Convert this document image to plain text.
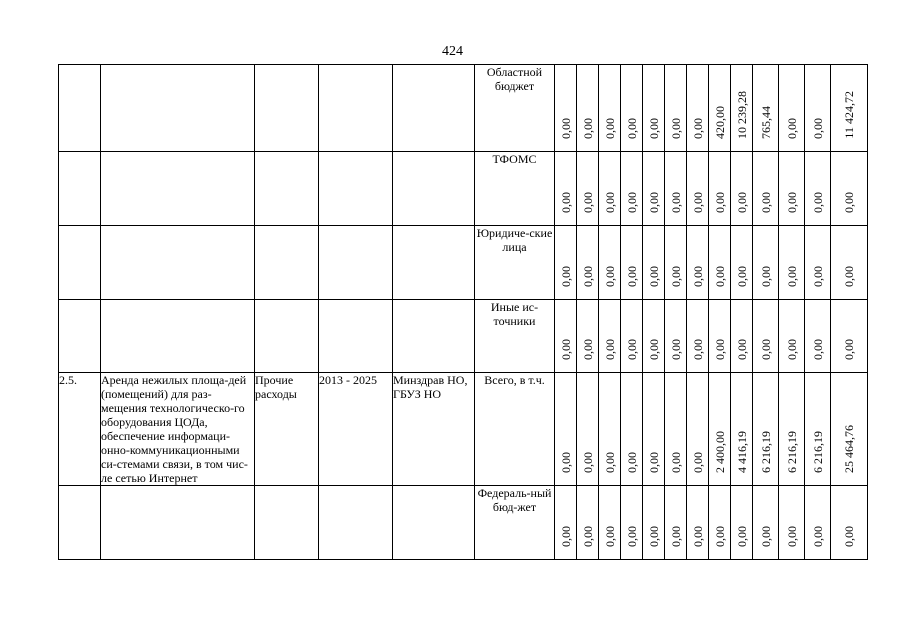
424
					Областной бюджет	0,00	0,00	0,00	0,00	0,00	0,00	0,00	420,00	10 239,28	765,44	0,00	0,00	11 424,72

					ТФОМС	0,00	0,00	0,00	0,00	0,00	0,00	0,00	0,00	0,00	0,00	0,00	0,00	0,00

					Юридиче-ские лица	0,00	0,00	0,00	0,00	0,00	0,00	0,00	0,00	0,00	0,00	0,00	0,00	0,00

					Иные ис-точники	0,00	0,00	0,00	0,00	0,00	0,00	0,00	0,00	0,00	0,00	0,00	0,00	0,00

2.5.	Аренда нежилых площа-дей (помещений) для раз-мещения технологическо-го оборудования ЦОДа, обеспечение информаци-онно-коммуникационными си-стемами связи, в том чис-ле сетью Интернет	Прочие расходы	2013 - 2025	Минздрав НО, ГБУЗ НО	Всего, в т.ч.	0,00	0,00	0,00	0,00	0,00	0,00	0,00	2 400,00	4 416,19	6 216,19	6 216,19	6 216,19	25 464,76

					Федераль-ный бюд-жет	0,00	0,00	0,00	0,00	0,00	0,00	0,00	0,00	0,00	0,00	0,00	0,00	0,00
